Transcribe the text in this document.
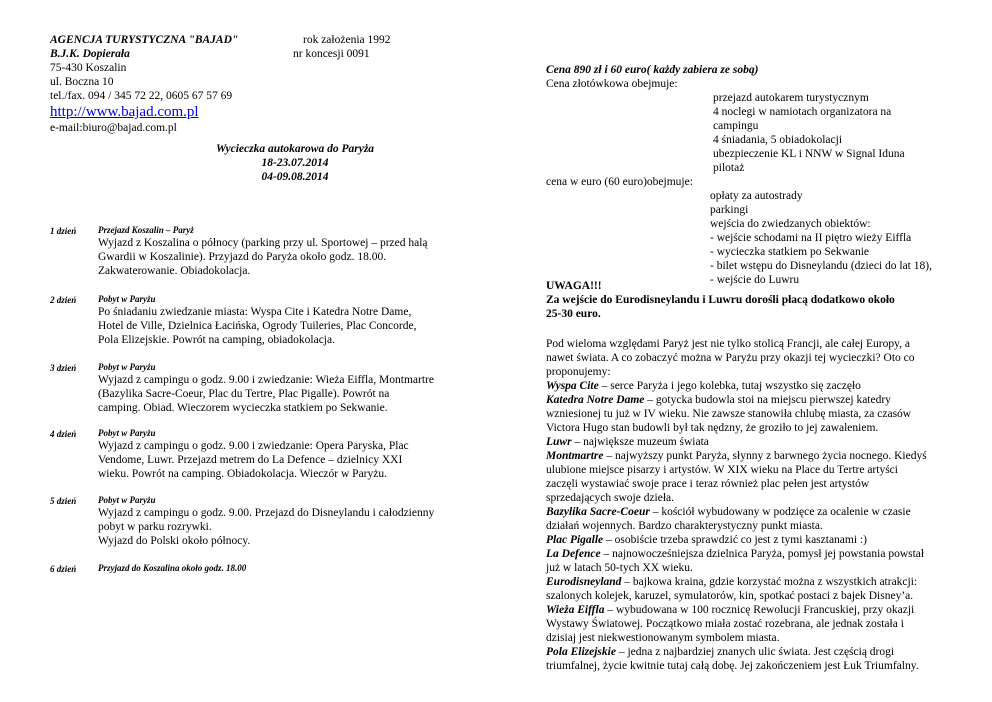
AGENCJA TURYSTYCZNA "BAJAD"
B.J.K. Dopierała
75-430 Koszalin
ul. Boczna 10
tel./fax. 094 / 345 72 22, 0605 67 57 69
http://www.bajad.com.pl
e-mail:biuro@bajad.com.pl
rok założenia 1992
nr koncesji 0091
Wycieczka autokarowa do Paryża
18-23.07.2014
04-09.08.2014
1 dzień Przejazd Koszalin – Paryż
Wyjazd z Koszalina o północy (parking przy ul. Sportowej – przed halą
Gwardii w Koszalinie). Przyjazd do Paryża około godz. 18.00.
Zakwaterowanie. Obiadokolacja.
2 dzień Pobyt w Paryżu
Po śniadaniu zwiedzanie miasta: Wyspa Cite i Katedra Notre Dame,
Hotel de Ville, Dzielnica Łacińska, Ogrody Tuileries, Plac Concorde,
Pola Elizejskie. Powrót na camping, obiadokolacja.
3 dzień Pobyt w Paryżu
Wyjazd z campingu o godz. 9.00 i zwiedzanie: Wieża Eiffla, Montmartre
(Bazylika Sacre-Coeur, Plac du Tertre, Plac Pigalle). Powrót na
camping. Obiad. Wieczorem wycieczka statkiem po Sekwanie.
4 dzień Pobyt w Paryżu
Wyjazd z campingu o godz. 9.00 i zwiedzanie: Opera Paryska, Plac
Vendome, Luwr. Przejazd metrem do La Defence – dzielnicy XXI
wieku. Powrót na camping. Obiadokolacja. Wieczór w Paryżu.
5 dzień Pobyt w Paryżu
Wyjazd z campingu o godz. 9.00. Przejazd do Disneylandu i całodzienny
pobyt w parku rozrywki.
Wyjazd do Polski około północy.
6 dzień Przyjazd do Koszalina około godz. 18.00
Cena 890 zł i 60 euro( każdy zabiera ze sobą)
Cena złotówkowa obejmuje:
przejazd autokarem turystycznym
4 noclegi w namiotach organizatora na
campingu
4 śniadania, 5 obiadokolacji
ubezpieczenie KL i NNW w Signal Iduna
pilotaż
cena w euro (60 euro)obejmuje:
opłaty za autostrady
parkingi
wejścia do zwiedzanych obiektów:
- wejście schodami na II piętro wieży Eiffla
- wycieczka statkiem po Sekwanie
- bilet wstępu do Disneylandu (dzieci do lat 18),
- wejście do Luwru
UWAGA!!!
Za wejście do Eurodisneylandu i Luwru dorośli płacą dodatkowo około
25-30 euro.
Pod wieloma względami Paryż jest nie tylko stolicą Francji, ale całej Europy, a
nawet świata. A co zobaczyć można w Paryżu przy okazji tej wycieczki? Oto co
proponujemy:
Wyspa Cite – serce Paryża i jego kolebka, tutaj wszystko się zaczęło
Katedra Notre Dame – gotycka budowla stoi na miejscu pierwszej katedry
wzniesionej tu już w IV wieku. Nie zawsze stanowiła chlubę miasta, za czasów
Victora Hugo stan budowli był tak nędzny, że groziło to jej zawaleniem.
Luwr – największe muzeum świata
Montmartre – najwyższy punkt Paryża, słynny z barwnego życia nocnego. Kiedyś
ulubione miejsce pisarzy i artystów. W XIX wieku na Place du Tertre artyści
zaczęli wystawiać swoje prace i teraz również plac pełen jest artystów
sprzedających swoje dzieła.
Bazylika Sacre-Coeur – kościół wybudowany w podzięce za ocalenie w czasie
działań wojennych. Bardzo charakterystyczny punkt miasta.
Plac Pigalle – osobiście trzeba sprawdzić co jest z tymi kasztanami :)
La Defence – najnowocześniejsza dzielnica Paryża, pomysł jej powstania powstał
już w latach 50-tych XX wieku.
Eurodisneyland – bajkowa kraina, gdzie korzystać można z wszystkich atrakcji:
szalonych kolejek, karuzel, symulatorów, kin, spotkać postaci z bajek Disney’a.
Wieża Eiffla – wybudowana w 100 rocznicę Rewolucji Francuskiej, przy okazji
Wystawy Światowej. Początkowo miała zostać rozebrana, ale jednak została i
dzisiaj jest niekwestionowanym symbolem miasta.
Pola Elizejskie – jedna z najbardziej znanych ulic świata. Jest częścią drogi
triumfalnej, życie kwitnie tutaj całą dobę. Jej zakończeniem jest Łuk Triumfalny.
